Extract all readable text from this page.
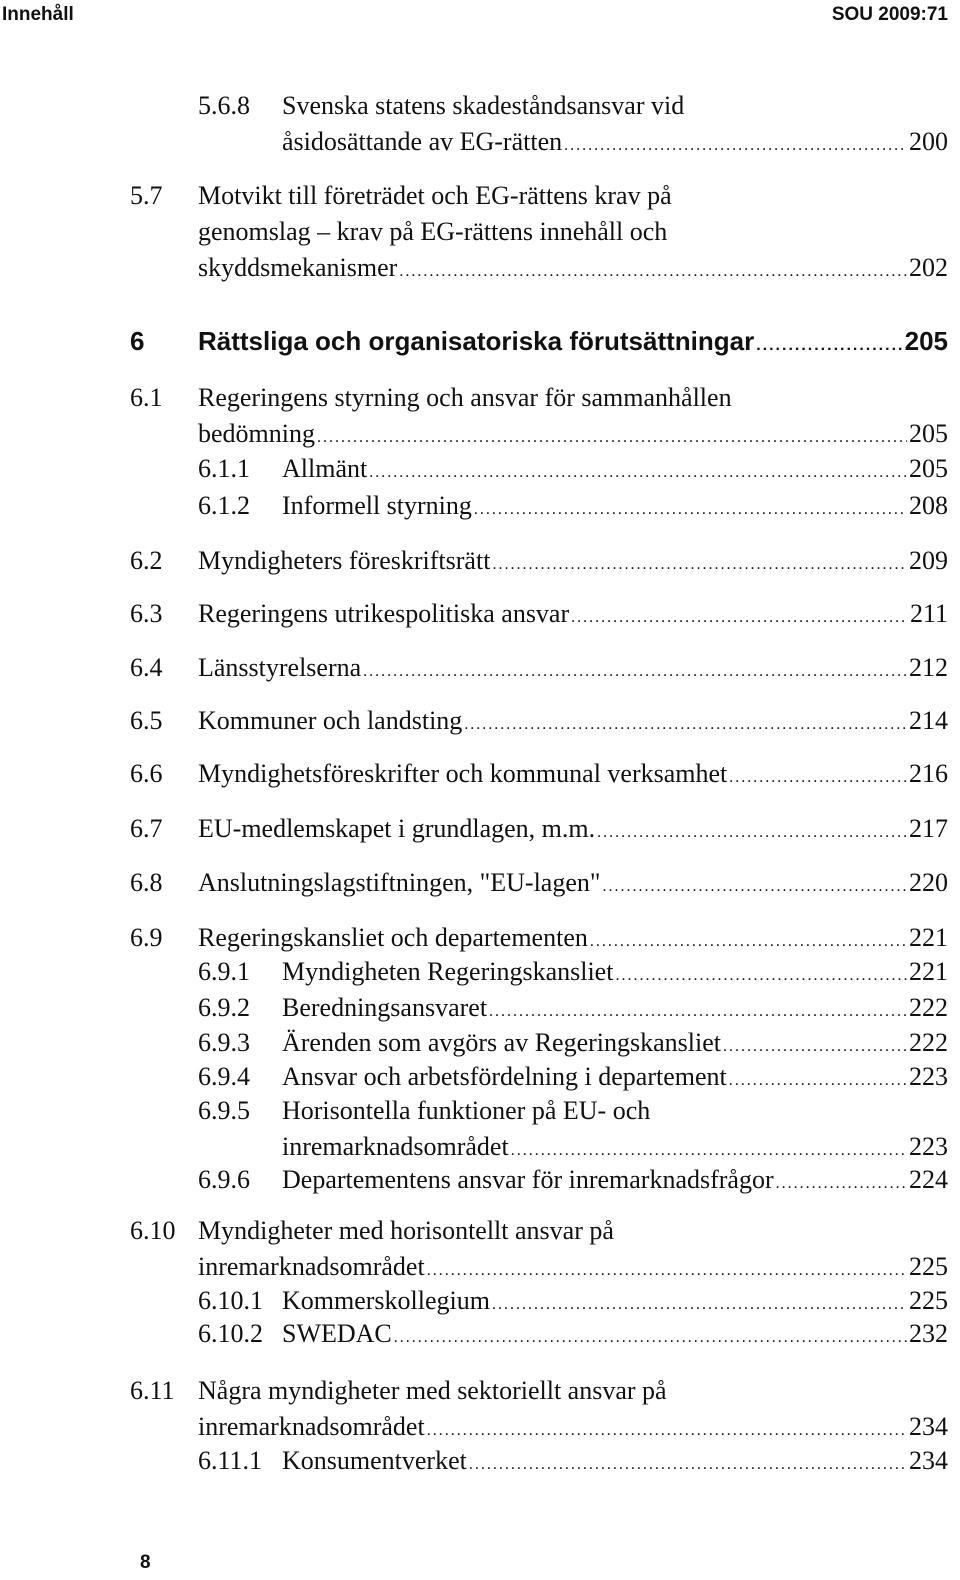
Innehåll	SOU 2009:71
5.6.8 Svenska statens skadeståndsansvar vid
åsidosättande av EG-rätten .....	200
5.7 Motvikt till företrädet och EG-rättens krav på
genomslag – krav på EG-rättens innehåll och
skyddsmekanismer .....	202
6 Rättsliga och organisatoriska förutsättningar .....	205
6.1 Regeringens styrning och ansvar för sammanhållen
bedömning .....	205
6.1.1 Allmänt .....	205
6.1.2 Informell styrning .....	208
6.2 Myndigheters föreskriftsrätt .....	209
6.3 Regeringens utrikespolitiska ansvar .....	211
6.4 Länsstyrelserna .....	212
6.5 Kommuner och landsting .....	214
6.6 Myndighetsföreskrifter och kommunal verksamhet .....	216
6.7 EU-medlemskapet i grundlagen, m.m. .....	217
6.8 Anslutningslagstiftningen, "EU-lagen" .....	220
6.9 Regeringskansliet och departementen .....	221
6.9.1 Myndigheten Regeringskansliet .....	221
6.9.2 Beredningsansvaret .....	222
6.9.3 Ärenden som avgörs av Regeringskansliet .....	222
6.9.4 Ansvar och arbetsfördelning i departement .....	223
6.9.5 Horisontella funktioner på EU- och
inremarknadsområdet .....	223
6.9.6 Departementens ansvar för inremarknadsfrågor .....	224
6.10 Myndigheter med horisontellt ansvar på
inremarknadsområdet .....	225
6.10.1 Kommerskollegium .....	225
6.10.2 SWEDAC .....	232
6.11 Några myndigheter med sektoriellt ansvar på
inremarknadsområdet .....	234
6.11.1 Konsumentverket .....	234
8
